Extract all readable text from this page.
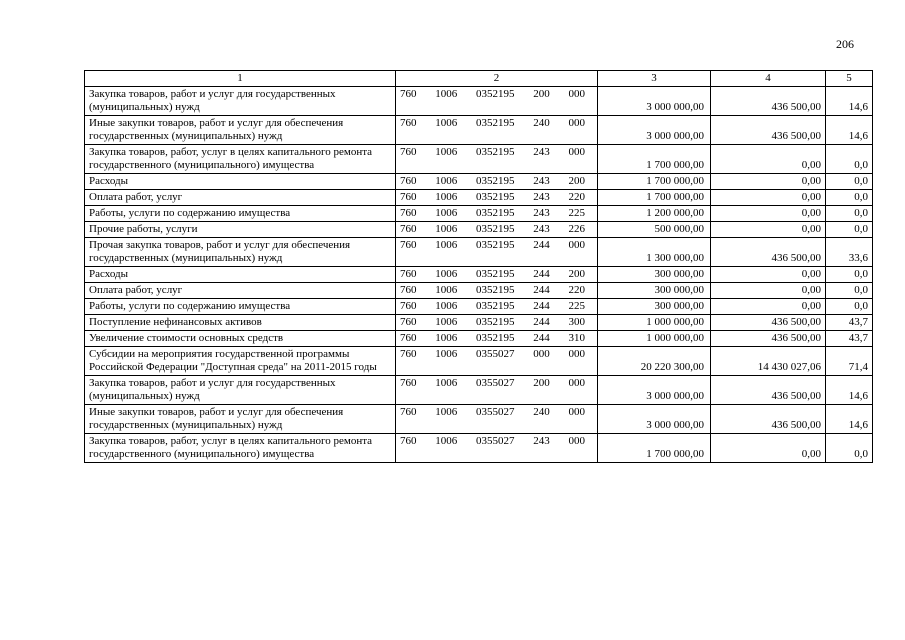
206
1	2	3	4	5
Закупка товаров, работ и услуг для государственных (муниципальных) нужд	760 1006 0352195 200 000	3 000 000,00	436 500,00	14,6
Иные закупки товаров, работ и услуг для обеспечения государственных (муниципальных) нужд	760 1006 0352195 240 000	3 000 000,00	436 500,00	14,6
Закупка товаров, работ, услуг в целях капитального ремонта государственного (муниципального) имущества	760 1006 0352195 243 000	1 700 000,00	0,00	0,0
Расходы	760 1006 0352195 243 200	1 700 000,00	0,00	0,0
Оплата работ, услуг	760 1006 0352195 243 220	1 700 000,00	0,00	0,0
Работы, услуги по содержанию имущества	760 1006 0352195 243 225	1 200 000,00	0,00	0,0
Прочие работы, услуги	760 1006 0352195 243 226	500 000,00	0,00	0,0
Прочая закупка товаров, работ и услуг для обеспечения государственных (муниципальных) нужд	760 1006 0352195 244 000	1 300 000,00	436 500,00	33,6
Расходы	760 1006 0352195 244 200	300 000,00	0,00	0,0
Оплата работ, услуг	760 1006 0352195 244 220	300 000,00	0,00	0,0
Работы, услуги по содержанию имущества	760 1006 0352195 244 225	300 000,00	0,00	0,0
Поступление нефинансовых активов	760 1006 0352195 244 300	1 000 000,00	436 500,00	43,7
Увеличение стоимости основных средств	760 1006 0352195 244 310	1 000 000,00	436 500,00	43,7
Субсидии на мероприятия государственной программы Российской Федерации "Доступная среда" на 2011-2015 годы	760 1006 0355027 000 000	20 220 300,00	14 430 027,06	71,4
Закупка товаров, работ и услуг для государственных (муниципальных) нужд	760 1006 0355027 200 000	3 000 000,00	436 500,00	14,6
Иные закупки товаров, работ и услуг для обеспечения государственных (муниципальных) нужд	760 1006 0355027 240 000	3 000 000,00	436 500,00	14,6
Закупка товаров, работ, услуг в целях капитального ремонта государственного (муниципального) имущества	760 1006 0355027 243 000	1 700 000,00	0,00	0,0
